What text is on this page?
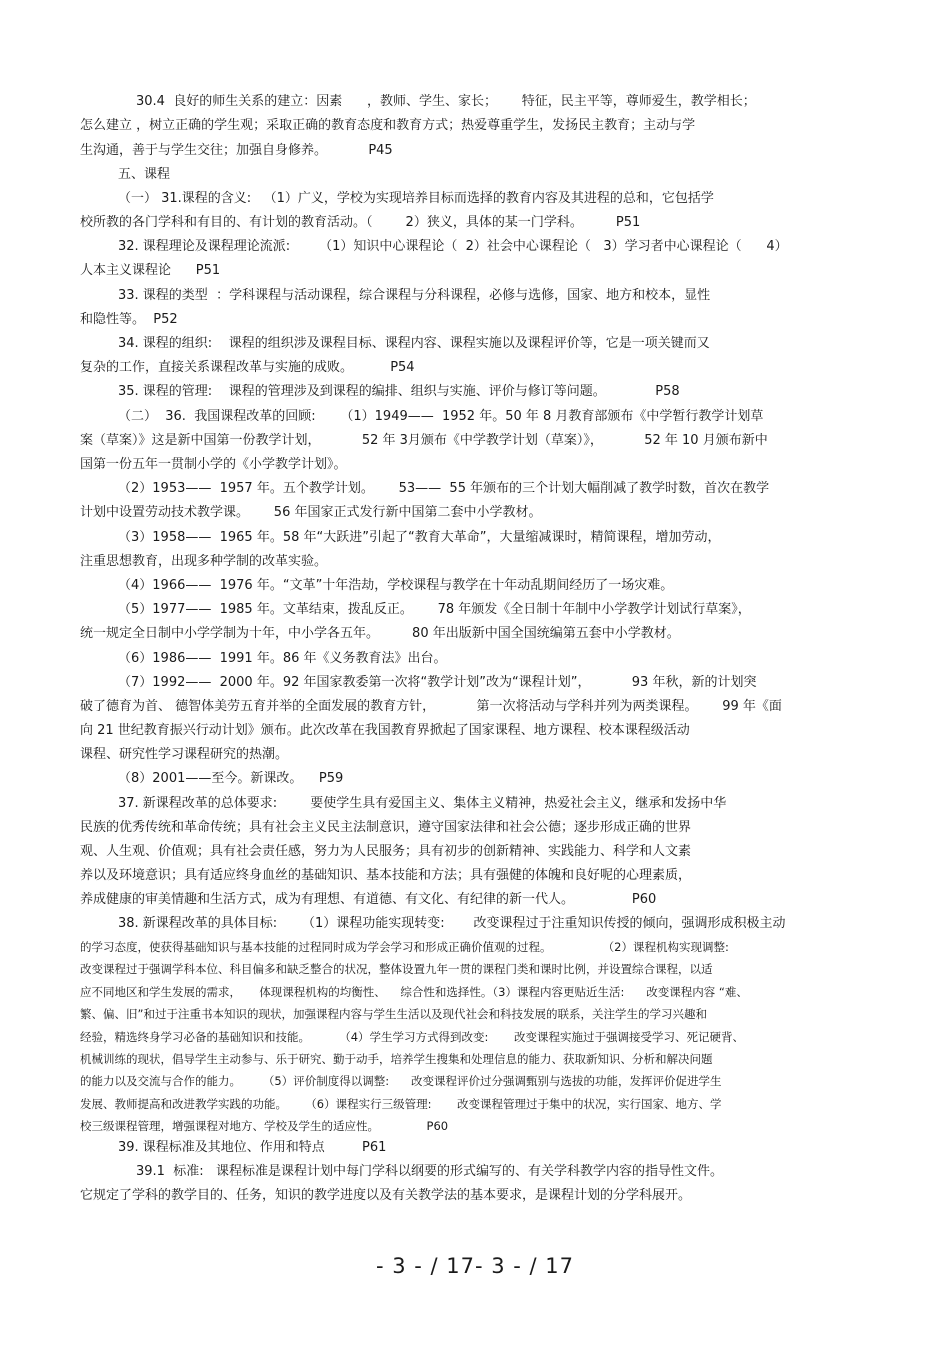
30.4  良好的师生关系的建立：因素      ，教师、学生、家长；      特征，民主平等，尊师爱生，教学相长；
怎么建立 ，树立正确的学生观；采取正确的教育态度和教育方式；热爱尊重学生，发扬民主教育；主动与学
生沟通，善于与学生交往；加强自身修养。          P45
五、课程
（一） 31.课程的含义:   （1）广义，学校为实现培养目标而选择的教育内容及其进程的总和，它包括学
校所教的各门学科和有目的、有计划的教育活动。（        2）狭义，具体的某一门学科。        P51
32. 课程理论及课程理论流派:       （1）知识中心课程论（  2）社会中心课程论（   3）学习者中心课程论（      4）
人本主义课程论      P51
33. 课程的类型  ：学科课程与活动课程，综合课程与分科课程，必修与选修，国家、地方和校本，显性
和隐性等。  P52
34. 课程的组织:    课程的组织涉及课程目标、课程内容、课程实施以及课程评价等，它是一项关键而又
复杂的工作，直接关系课程改革与实施的成败。         P54
35. 课程的管理:    课程的管理涉及到课程的编排、组织与实施、评价与修订等问题。            P58
（二）  36.  我国课程改革的回顾:      （1）1949——  1952 年。50 年 8 月教育部颁布《中学暂行教学计划草
案（草案）》这是新中国第一份教学计划，          52 年 3月颁布《中学教学计划（草案）》，          52 年 10 月颁布新中
国第一份五年一贯制小学的《小学教学计划》。
（2）1953——  1957 年。五个教学计划。      53——  55 年颁布的三个计划大幅削减了教学时数，首次在教学
计划中设置劳动技术教学课。      56 年国家正式发行新中国第二套中小学教材。
（3）1958——  1965 年。58 年“大跃进”引起了“教育大革命”，大量缩减课时，精简课程，增加劳动，
注重思想教育，出现多种学制的改革实验。
（4）1966——  1976 年。“文革”十年浩劫，学校课程与教学在十年动乱期间经历了一场灾难。
（5）1977——  1985 年。文革结束，拨乱反正。      78 年颁发《全日制十年制中小学教学计划试行草案》，
统一规定全日制中小学学制为十年，中小学各五年。        80 年出版新中国全国统编第五套中小学教材。
（6）1986——  1991 年。86 年《义务教育法》出台。
（7）1992——  2000 年。92 年国家教委第一次将“教学计划”改为“课程计划”，          93 年秋，新的计划突
破了德育为首、 德智体美劳五育并举的全面发展的教育方针，          第一次将活动与学科并列为两类课程。      99 年《面
向 21 世纪教育振兴行动计划》颁布。此次改革在我国教育界掀起了国家课程、地方课程、校本课程级活动
课程、研究性学习课程研究的热潮。
（8）2001——至今。新课改。    P59
37. 新课程改革的总体要求:        要使学生具有爱国主义、集体主义精神，热爱社会主义，继承和发扬中华
民族的优秀传统和革命传统；具有社会主义民主法制意识，遵守国家法律和社会公德；逐步形成正确的世界
观、人生观、价值观；具有社会责任感，努力为人民服务；具有初步的创新精神、实践能力、科学和人文素
养以及环境意识；具有适应终身血丝的基础知识、基本技能和方法；具有强健的体魄和良好呢的心理素质，
养成健康的审美情趣和生活方式，成为有理想、有道德、有文化、有纪律的新一代人。              P60
38. 新课程改革的具体目标:      （1）课程功能实现转变:       改变课程过于注重知识传授的倾向，强调形成积极主动
的学习态度，使获得基础知识与基本技能的过程同时成为学会学习和形成正确价值观的过程。              （2）课程机构实现调整:
改变课程过于强调学科本位、科目偏多和缺乏整合的状况，整体设置九年一贯的课程门类和课时比例，并设置综合课程，以适
应不同地区和学生发展的需求，     体现课程机构的均衡性、    综合性和选择性。（3）课程内容更贴近生活:      改变课程内容 “难、
繁、偏、旧”和过于注重书本知识的现状，加强课程内容与学生生活以及现代社会和科技发展的联系，关注学生的学习兴趣和
经验，精选终身学习必备的基础知识和技能。        （4）学生学习方式得到改变:       改变课程实施过于强调接受学习、死记硬背、
机械训练的现状，倡导学生主动参与、乐于研究、勤于动手，培养学生搜集和处理信息的能力、获取新知识、分析和解决问题
的能力以及交流与合作的能力。      （5）评价制度得以调整:      改变课程评价过分强调甄别与选拔的功能，发挥评价促进学生
发展、教师提高和改进教学实践的功能。     （6）课程实行三级管理:       改变课程管理过于集中的状况，实行国家、地方、学
校三级课程管理，增强课程对地方、学校及学生的适应性。             P60
39. 课程标准及其地位、作用和特点         P61
39.1  标准:   课程标准是课程计划中每门学科以纲要的形式编写的、有关学科教学内容的指导性文件。
它规定了学科的教学目的、任务，知识的教学进度以及有关教学法的基本要求，是课程计划的分学科展开。
- 3 - / 17- 3 - / 17
